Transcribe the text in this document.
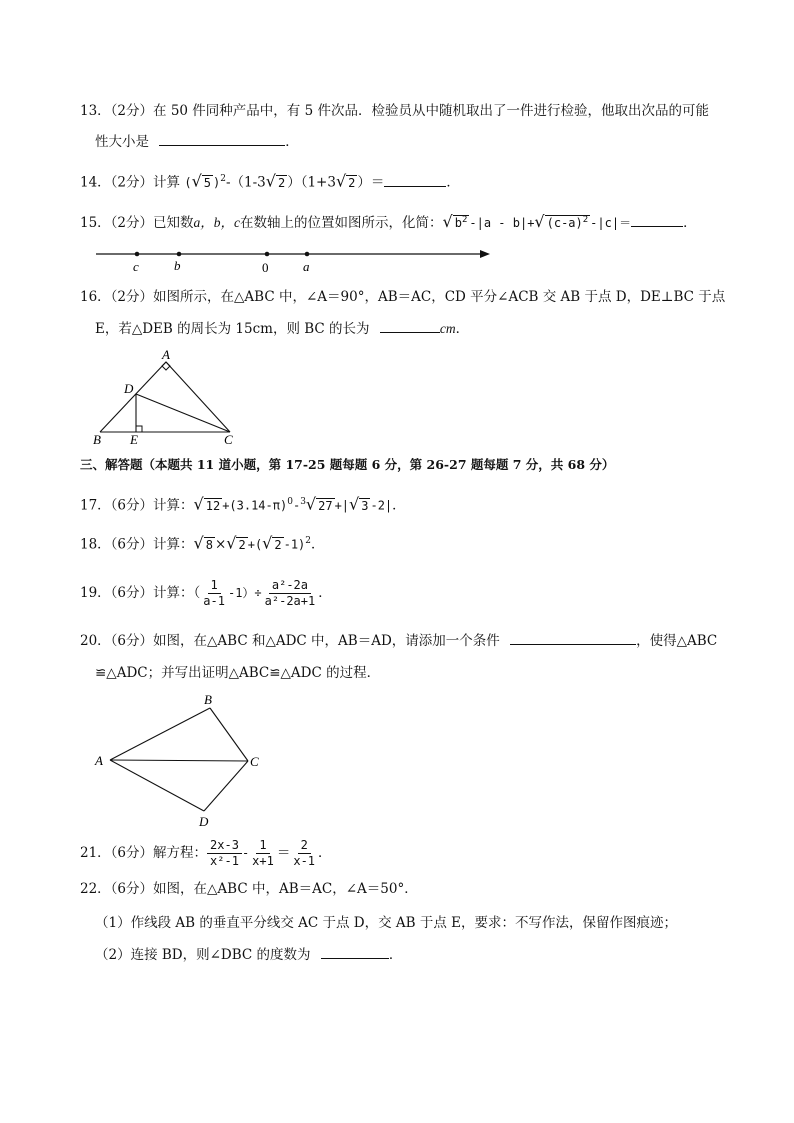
13．（2分）在 50 件同种产品中，有 5 件次品．检验员从中随机取出了一件进行检验，他取出次品的可能
性大小是	．
14．（2分）计算 (√ 5 )$^2$-（1-3√ 2 ）（1+3√ 2 ）＝	．
15．（2分）已知数a，b，c在数轴上的位置如图所示，化简：√ $b^2$ -|a - b|+√ $(c-a)^2$ -|c|＝	．
c	b	0	a
16．（2分）如图所示，在△ABC 中，∠A＝90°，AB＝AC，CD 平分∠ACB 交 AB 于点 D，DE⊥BC 于点
E，若△DEB 的周长为 15cm，则 BC 的长为	cm．
A
D
B E	C
三、解答题（本题共 11 道小题，第 17-25 题每题 6 分，第 26-27 题每题 7 分，共 68 分）
17．（6分）计算：√ $12 +(3.14-\pi)^0-^3√$ 27 +|√ 3 -2|．
18．（6分）计算：√ 8 ×√ 2 +(√ 2 -1)$^2$．
19．（6分）计算：（ $\frac{1}{a-1} -1)\div \frac{\text{a²-2a}}{\text{a²-2a+1}}$ ．
20．（6分）如图，在△ABC 和△ADC 中，AB＝AD，请添加一个条件	，使得△ABC
≌△ADC；并写出证明△ABC≌△ADC 的过程．
B
A	C
D
21．（6分）解方程： $\frac{2x-3}{\text{x²-1}} - \frac{1}{x+1} = \frac{2}{x-1}$ ．
22．（6分）如图，在△ABC 中，AB＝AC，∠A＝50°．
（1）作线段 AB 的垂直平分线交 AC 于点 D，交 AB 于点 E，要求：不写作法，保留作图痕迹；
（2）连接 BD，则∠DBC 的度数为	．
